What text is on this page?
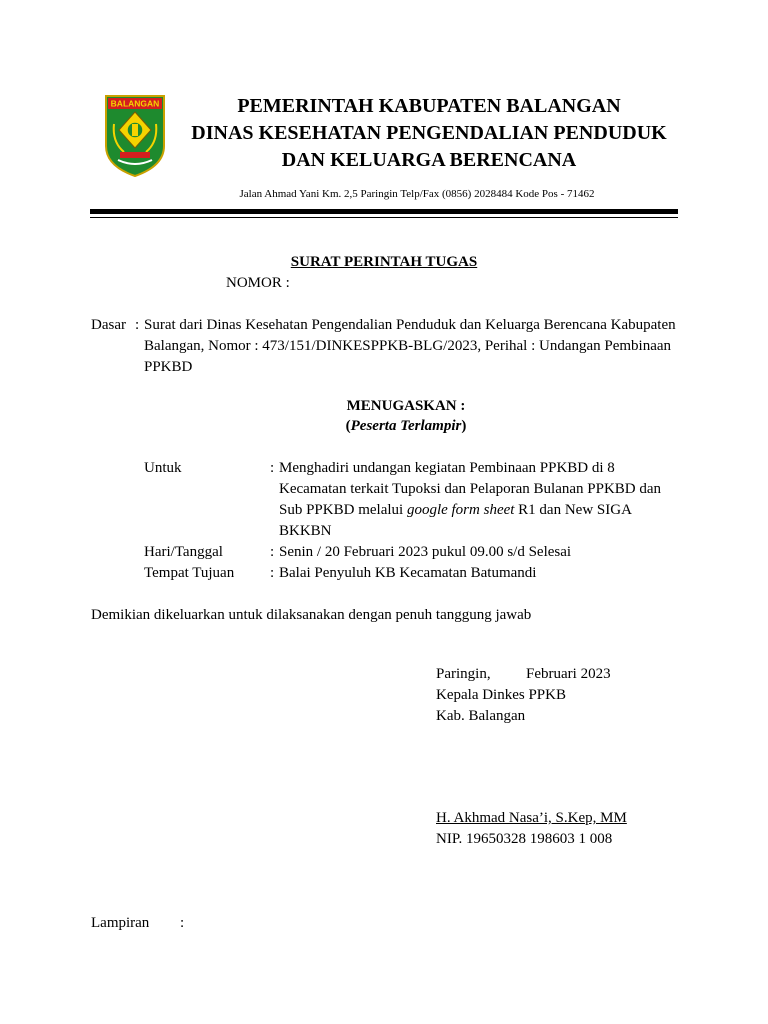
BALANGAN	PEMERINTAH KABUPATEN BALANGAN
DINAS KESEHATAN PENGENDALIAN PENDUDUK
DAN KELUARGA BERENCANA
Jalan Ahmad Yani Km. 2,5 Paringin Telp/Fax (0856) 2028484 Kode Pos - 71462
SURAT PERINTAH TUGAS
NOMOR :
Dasar : Surat dari Dinas Kesehatan Pengendalian Penduduk dan Keluarga Berencana Kabupaten Balangan, Nomor : 473/151/DINKESPPKB-BLG/2023, Perihal : Undangan Pembinaan PPKBD
MENUGASKAN :
(Peserta Terlampir)
Untuk	: Menghadiri undangan kegiatan Pembinaan PPKBD di 8 Kecamatan terkait Tupoksi dan Pelaporan Bulanan PPKBD dan Sub PPKBD melalui google form sheet R1 dan New SIGA BKKBN
Hari/Tanggal	: Senin / 20 Februari 2023 pukul 09.00 s/d Selesai
Tempat Tujuan : Balai Penyuluh KB Kecamatan Batumandi
Demikian dikeluarkan untuk dilaksanakan dengan penuh tanggung jawab
Paringin, Februari 2023
Kepala Dinkes PPKB
Kab. Balangan
H. Akhmad Nasa’i, S.Kep, MM
NIP. 19650328 198603 1 008
Lampiran :
